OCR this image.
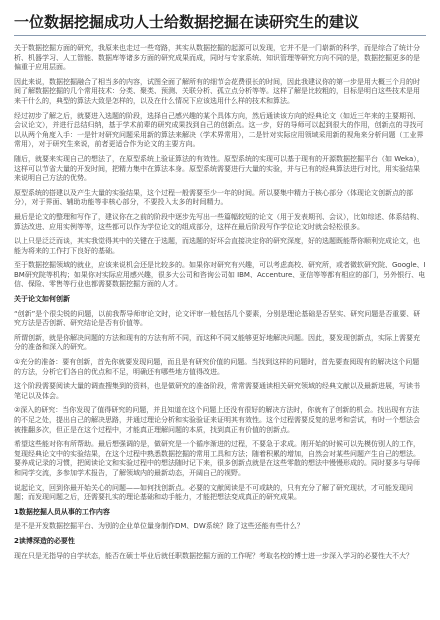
一位数据挖掘成功人士给数据挖掘在读研究生的建议

关于数据挖掘方面的研究，我原来也走过一些弯路，其实从数据挖掘的起源可以发现，它并不是一门崭新的科学，而是综合了统计分析、机器学习、人工智能、数据库等诸多方面的研究成果而成，同时与专家系统、知识管理等研究方向不同的是，数据挖掘更多的是偏重于应用层面。

因此来说，数据挖掘融合了相当多的内容，试图全面了解所有的细节会花费很长的时间，因此我建议你的第一步是用大概三个月的时间了解数据挖掘的几个常用技术：分类、聚类、预测、关联分析、孤立点分析等等。这样了解是比较粗的，目标是明白这些技术是用来干什么的，典型的算法大致是怎样的，以及在什么情况下应该选用什么样的技术和算法。

经过初步了解之后，就要进入选题的阶段，选择自己感兴趣的某个具体方向，然后通读该方向的经典论文（如近三年来的主要期刊、会议论文），并进行总结归纳，基于学术前辈的研究成果找到自己的创新点。这一步，好的导师可以起到很大的作用，创新点的寻找可以从两个角度入手：一是针对研究问题采用新的算法来解决（学术界常用），二是针对实际应用领域采用新的视角来分析问题（工业界常用），对于研究生来说，前者更适合作为论文的主要方向。

随后，就要来实现自己的想法了，在原型系统上验证算法的有效性。原型系统的实现可以基于现有的开源数据挖掘平台（如 Weka），这样可以节省大量的开发时间，把精力集中在算法本身。原型系统需要进行大量的实验，并与已有的经典算法进行对比，用实验结果来说明自己方法的优势。

原型系统的搭建以及产生大量的实验结果，这个过程一般需要至少一年的时间。所以要集中精力于核心部分（体现论文创新点的部分），对于界面、辅助功能等非核心部分，不要投入太多的时间精力。

最后是论文的整理和写作了，建议你在之前的阶段中逐步先写出一些篇幅较短的论文（用于发表期刊、会议），比如综述、体系结构、算法改进、应用实例等等，这些都可以作为学位论文的组成部分，这样在最后阶段写作学位论文时就会轻松很多。

以上只是泛泛而谈，其实我觉得其中的关键在于选题，而选题的好坏会直接决定你的研究深度，好的选题既能帮你顺利完成论文，也能为将来的工作打下良好的基础。

至于数据挖掘领域的就业，应该来说机会还是比较多的。如果你对研究有兴趣，可以考虑高校、研究所，或者微软研究院、Google、IBM研究院等机构；如果你对实际应用感兴趣，很多大公司和咨询公司如 IBM、Accenture、亚信等等都有相应的部门，另外银行、电信、保险、零售等行业也都需要数据挖掘方面的人才。

关于论文如何创新

“创新”是个很尖锐的问题，以前我帮导师审论文时，论文评审一般包括几个要素，分别是理论基础是否坚实、研究问题是否重要、研究方法是否创新、研究结论是否有价值等。

所谓创新，就是你解决问题的方法和现有的方法有所不同，而这种不同又能够更好地解决问题。因此，要发现创新点，实际上需要充分的准备和深入的研究。

①充分的准备：要有创新，首先你就要发现问题，而且是有研究价值的问题。当找到这样的问题时，首先要查阅现有的解决这个问题的方法，分析它们各自的优点和不足，明确还有哪些地方值得改进。

这个阶段需要阅读大量的调查搜集到的资料，也是做研究的准备阶段，常常需要通读相关研究领域的经典文献以及最新进展，写读书笔记以及体会。

②深入的研究：当你发现了值得研究的问题，并且知道在这个问题上还没有很好的解决方法时，你就有了创新的机会。找出现有方法的不足之处，提出自己的解决思路，并通过理论分析和实验验证来证明其有效性。这个过程需要反复的思考和尝试，有时一个想法会被推翻多次，但正是在这个过程中，才能真正理解问题的本质，找到真正有价值的创新点。

希望这些能对你有所帮助。最后想强调的是，做研究是一个循序渐进的过程，不要急于求成。刚开始的时候可以先模仿别人的工作，复现经典论文中的实验结果，在这个过程中熟悉数据挖掘的常用工具和方法；随着积累的增加，自然会对某些问题产生自己的想法。要养成记录的习惯，把阅读论文和实验过程中的想法随时记下来，很多创新点就是在这些零散的想法中慢慢形成的。同时要多与导师和同学交流，多参加学术报告，了解领域内的最新动态，开阔自己的视野。

说起论文，回到你最开始关心的问题——如何找创新点。必要的文献阅读是不可或缺的，只有充分了解了研究现状，才可能发现问题；而发现问题之后，还需要扎实的理论基础和动手能力，才能把想法变成真正的研究成果。

1数据挖掘人员从事的工作内容

是不是开发数据挖掘平台、为别的企业单位量身制作DM、DW系统？除了这些还能有些什么？

2读博深造的必要性

现在只是无指导的自学状态，能否在硕士毕业后就任职数据挖掘方面的工作呢？考取名校的博士进一步深入学习的必要性大不大？
